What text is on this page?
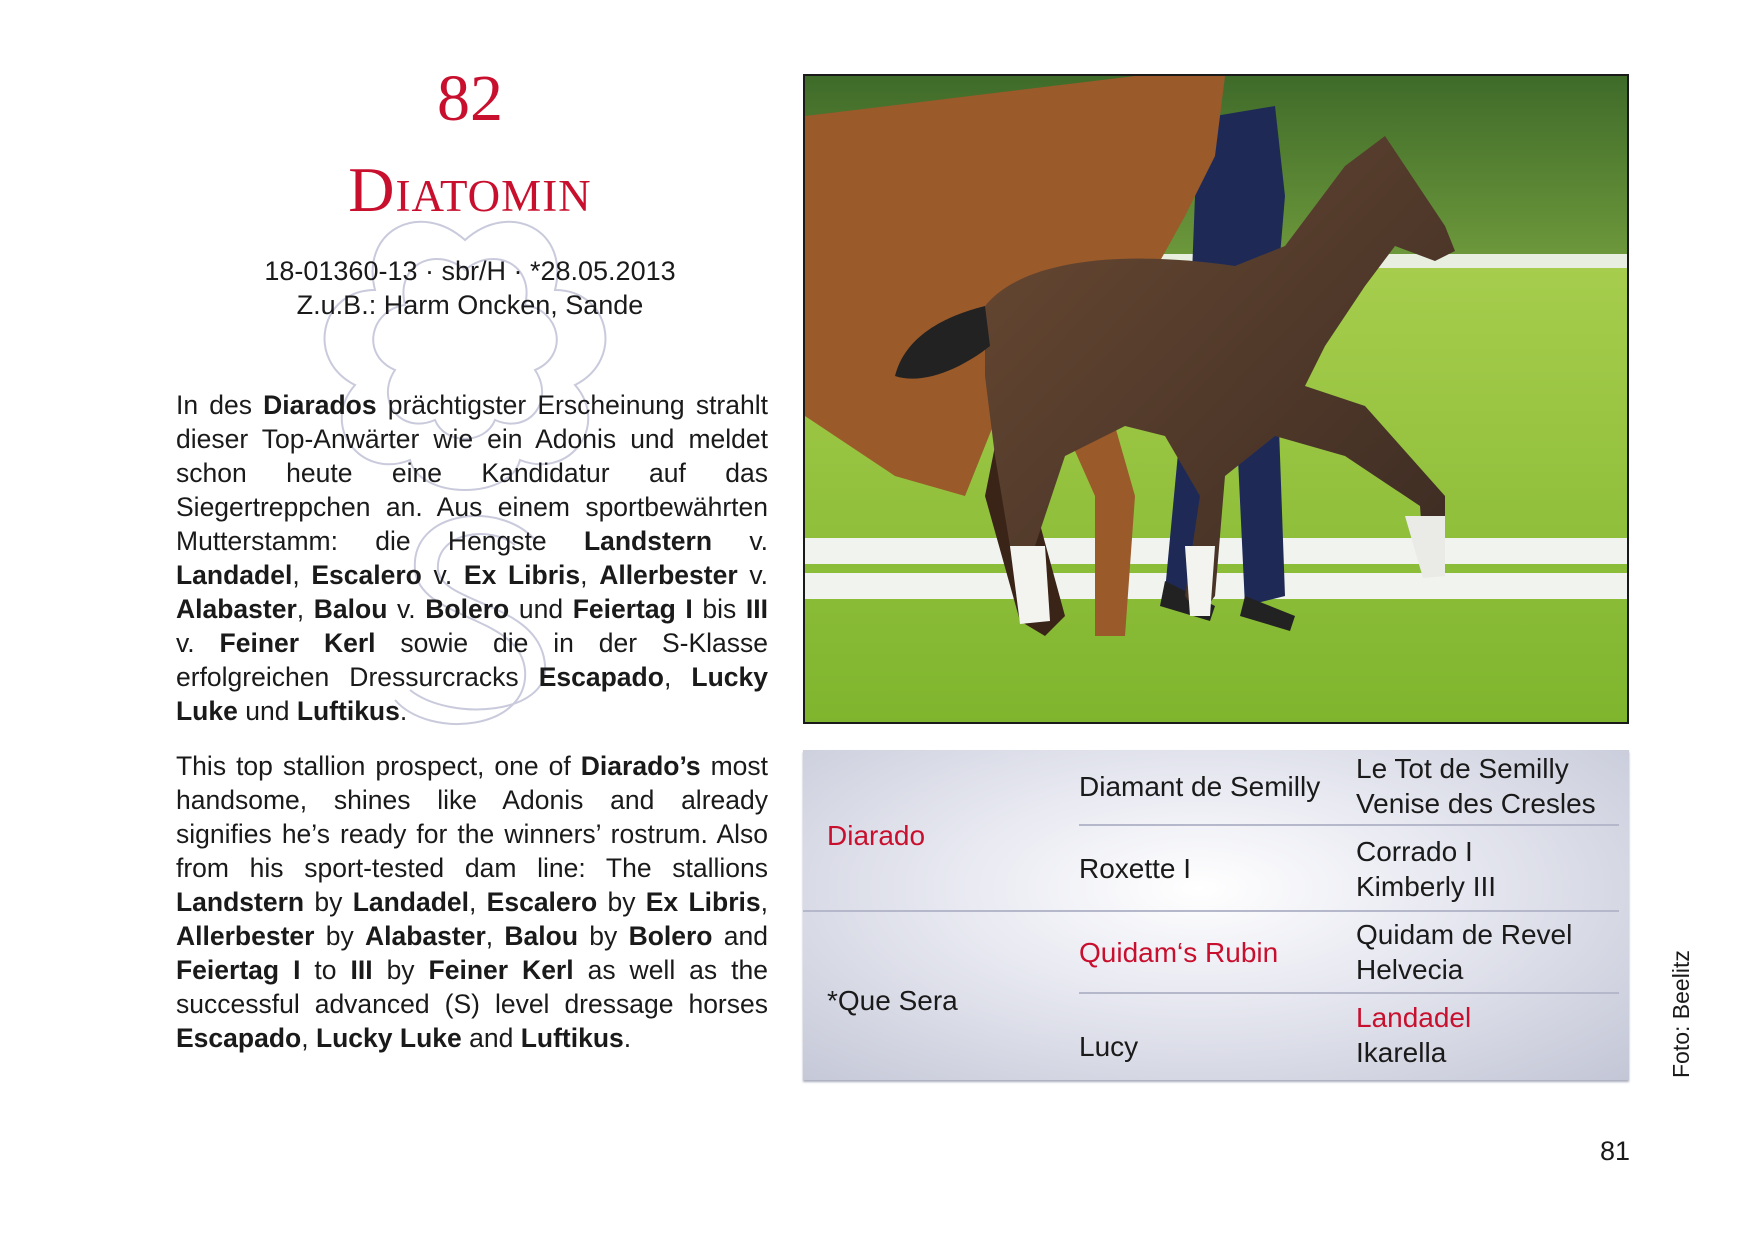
82
Diatomin
18-01360-13 · sbr/H · *28.05.2013
Z.u.B.: Harm Oncken, Sande

In des Diarados prächtigster Erscheinung strahlt dieser Top-Anwärter wie ein Adonis und meldet schon heute eine Kandidatur auf das Siegertreppchen an. Aus einem sportbewährten Mutterstamm: die Hengste Landstern v. Landadel, Escalero v. Ex Libris, Allerbester v. Alabaster, Balou v. Bolero und Feiertag I bis III v. Feiner Kerl sowie die in der S-Klasse erfolgreichen Dressurcracks Escapado, Lucky Luke und Luftikus.

This top stallion prospect, one of Diarado’s most handsome, shines like Adonis and already signifies he’s ready for the winners’ rostrum. Also from his sport-tested dam line: The stallions Landstern by Landadel, Escalero by Ex Libris, Allerbester by Alabaster, Balou by Bolero and Feiertag I to III by Feiner Kerl as well as the successful advanced (S) level dressage horses Escapado, Lucky Luke and Luftikus.

Diarado
*Que Sera
Diamant de Semilly
Roxette I
Quidam‘s Rubin
Lucy
Le Tot de Semilly
Venise des Cresles
Corrado I
Kimberly III
Quidam de Revel
Helvecia
Landadel
Ikarella	Foto: Beelitz
81
